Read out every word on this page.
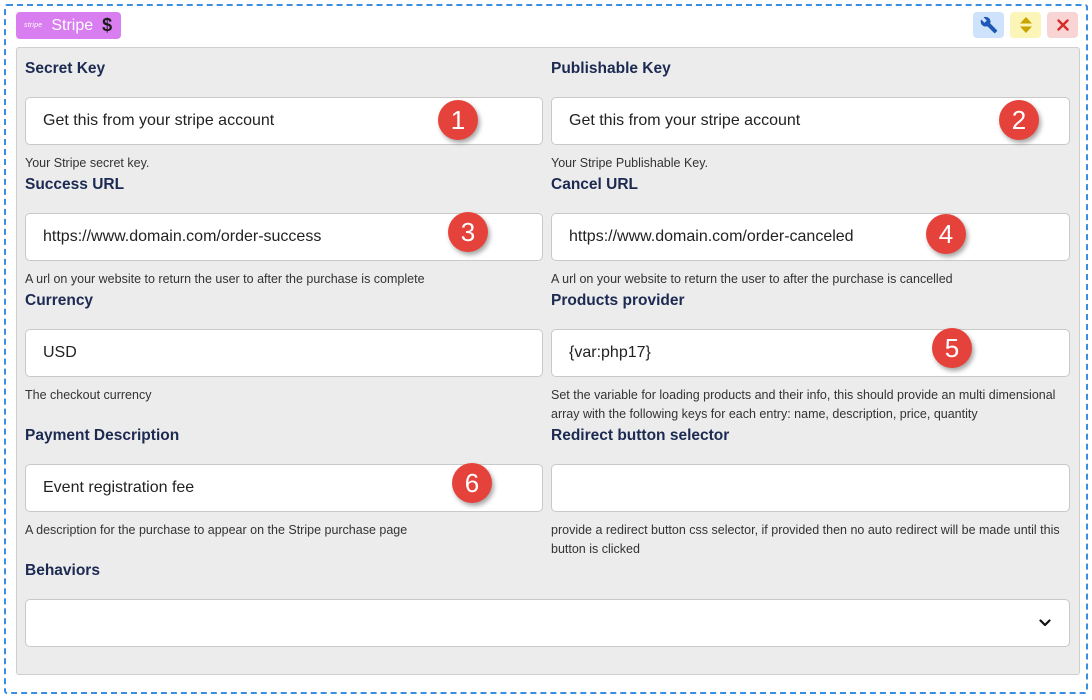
stripe Stripe $
Secret Key
Get this from your stripe account	1
Your Stripe secret key.
Publishable Key
Get this from your stripe account	2
Your Stripe Publishable Key.
Success URL
https://www.domain.com/order-success	3
A url on your website to return the user to after the purchase is complete
Cancel URL
https://www.domain.com/order-canceled	4
A url on your website to return the user to after the purchase is cancelled
Currency
USD
The checkout currency
Products provider
{var:php17}	5
Set the variable for loading products and their info, this should provide an multi dimensional array with the following keys for each entry: name, description, price, quantity
Payment Description
Event registration fee	6
A description for the purchase to appear on the Stripe purchase page
Redirect button selector
provide a redirect button css selector, if provided then no auto redirect will be made until this button is clicked
Behaviors
